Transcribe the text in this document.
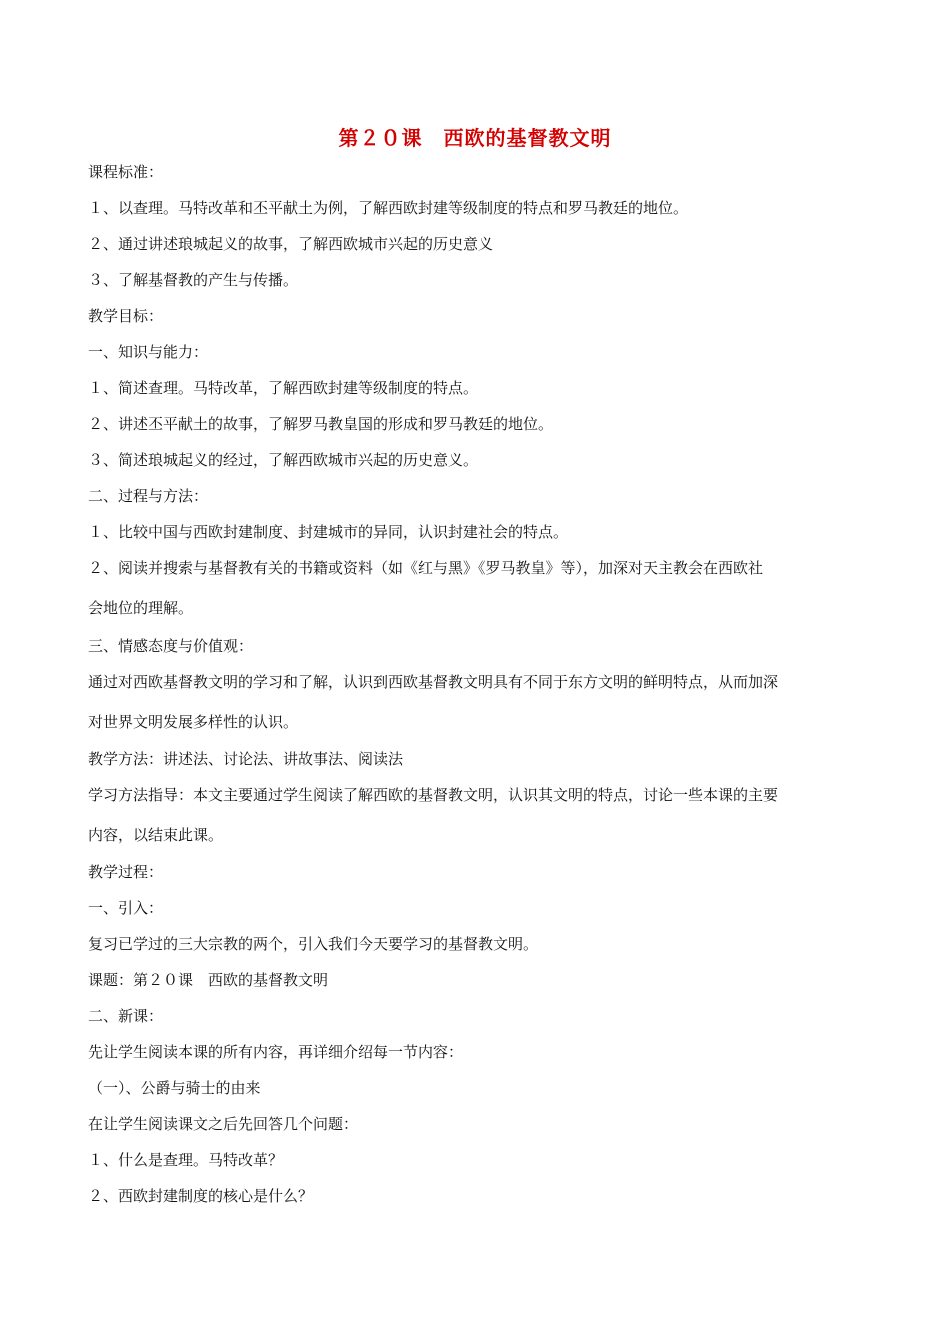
第２０课　西欧的基督教文明
课程标准：
１、以查理。马特改革和丕平献土为例，了解西欧封建等级制度的特点和罗马教廷的地位。
２、通过讲述琅城起义的故事，了解西欧城市兴起的历史意义
３、了解基督教的产生与传播。
教学目标：
一、知识与能力：
１、简述查理。马特改革，了解西欧封建等级制度的特点。
２、讲述丕平献土的故事，了解罗马教皇国的形成和罗马教廷的地位。
３、简述琅城起义的经过，了解西欧城市兴起的历史意义。
二、过程与方法：
１、比较中国与西欧封建制度、封建城市的异同，认识封建社会的特点。
２、阅读并搜索与基督教有关的书籍或资料（如《红与黑》《罗马教皇》等），加深对天主教会在西欧社
会地位的理解。
三、情感态度与价值观：
通过对西欧基督教文明的学习和了解，认识到西欧基督教文明具有不同于东方文明的鲜明特点，从而加深
对世界文明发展多样性的认识。
教学方法：讲述法、讨论法、讲故事法、阅读法
学习方法指导：本文主要通过学生阅读了解西欧的基督教文明，认识其文明的特点，讨论一些本课的主要
内容，以结束此课。
教学过程：
一、引入：
复习已学过的三大宗教的两个，引入我们今天要学习的基督教文明。
课题：第２０课　西欧的基督教文明
二、新课：
先让学生阅读本课的所有内容，再详细介绍每一节内容：
（一）、公爵与骑士的由来
在让学生阅读课文之后先回答几个问题：
１、什么是查理。马特改革？
２、西欧封建制度的核心是什么？
